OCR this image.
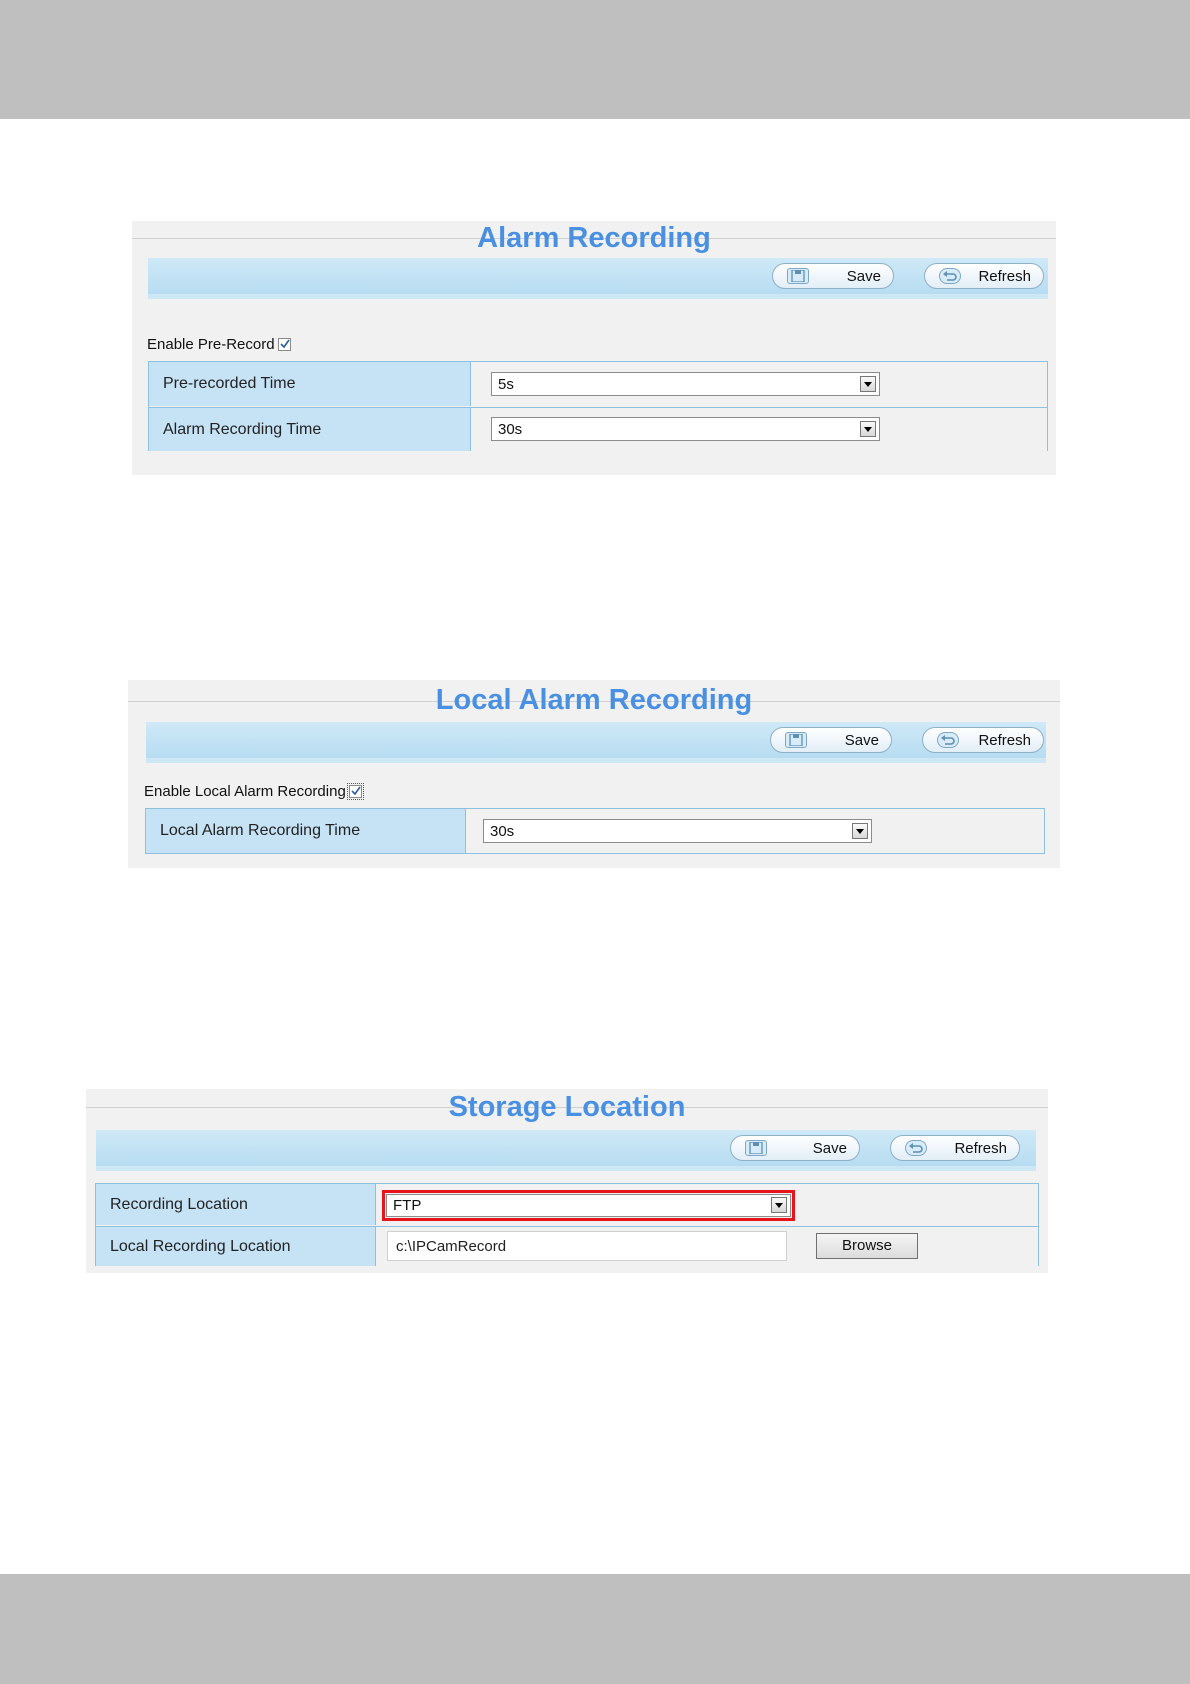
Alarm Recording
Save	Refresh
Enable Pre-Record
Pre-recorded Time	5s
Alarm Recording Time	30s
Local Alarm Recording
Save	Refresh
Enable Local Alarm Recording
Local Alarm Recording Time	30s
Storage Location
Save	Refresh
Recording Location	FTP
Local Recording Location	c:\IPCamRecord	Browse
